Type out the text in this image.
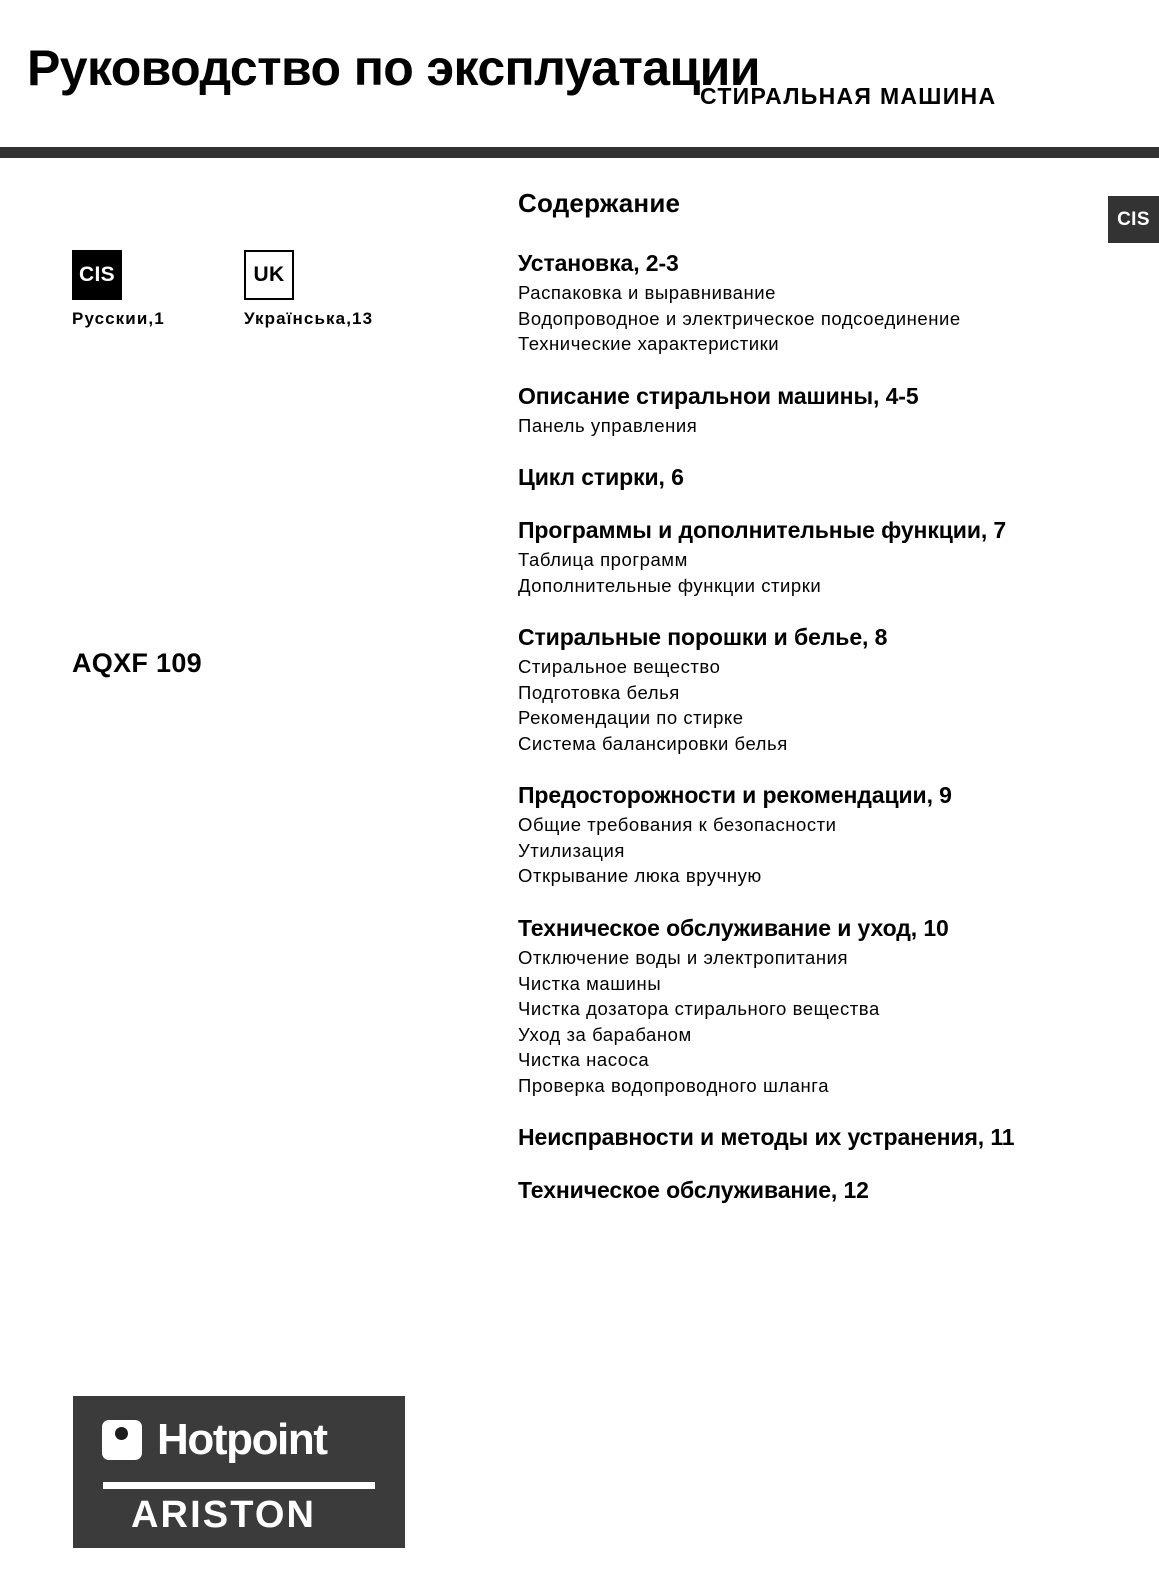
Руководство по эксплуатации
СТИРАЛЬНАЯ МАШИНА
CIS
CIS
Русскии,1
UK
Українська,13
AQXF 109
Содержание
Установка, 2-3
Распаковка и выравнивание
Водопроводное и электрическое подсоединение
Технические характеристики
Описание стиральнои машины, 4-5
Панель управления
Цикл стирки, 6
Программы и дополнительные функции, 7
Таблица программ
Дополнительные функции стирки
Стиральные порошки и белье, 8
Стиральное вещество
Подготовка белья
Рекомендации по стирке
Система балансировки белья
Предосторожности и рекомендации, 9
Общие требования к безопасности
Утилизация
Открывание люка вручную
Техническое обслуживание и уход, 10
Отключение воды и электропитания
Чистка машины
Чистка дозатора стирального вещества
Уход за барабаном
Чистка насоса
Проверка водопроводного шланга
Неисправности и методы их устранения, 11
Техническое обслуживание, 12
Hotpoint
ARISTON
